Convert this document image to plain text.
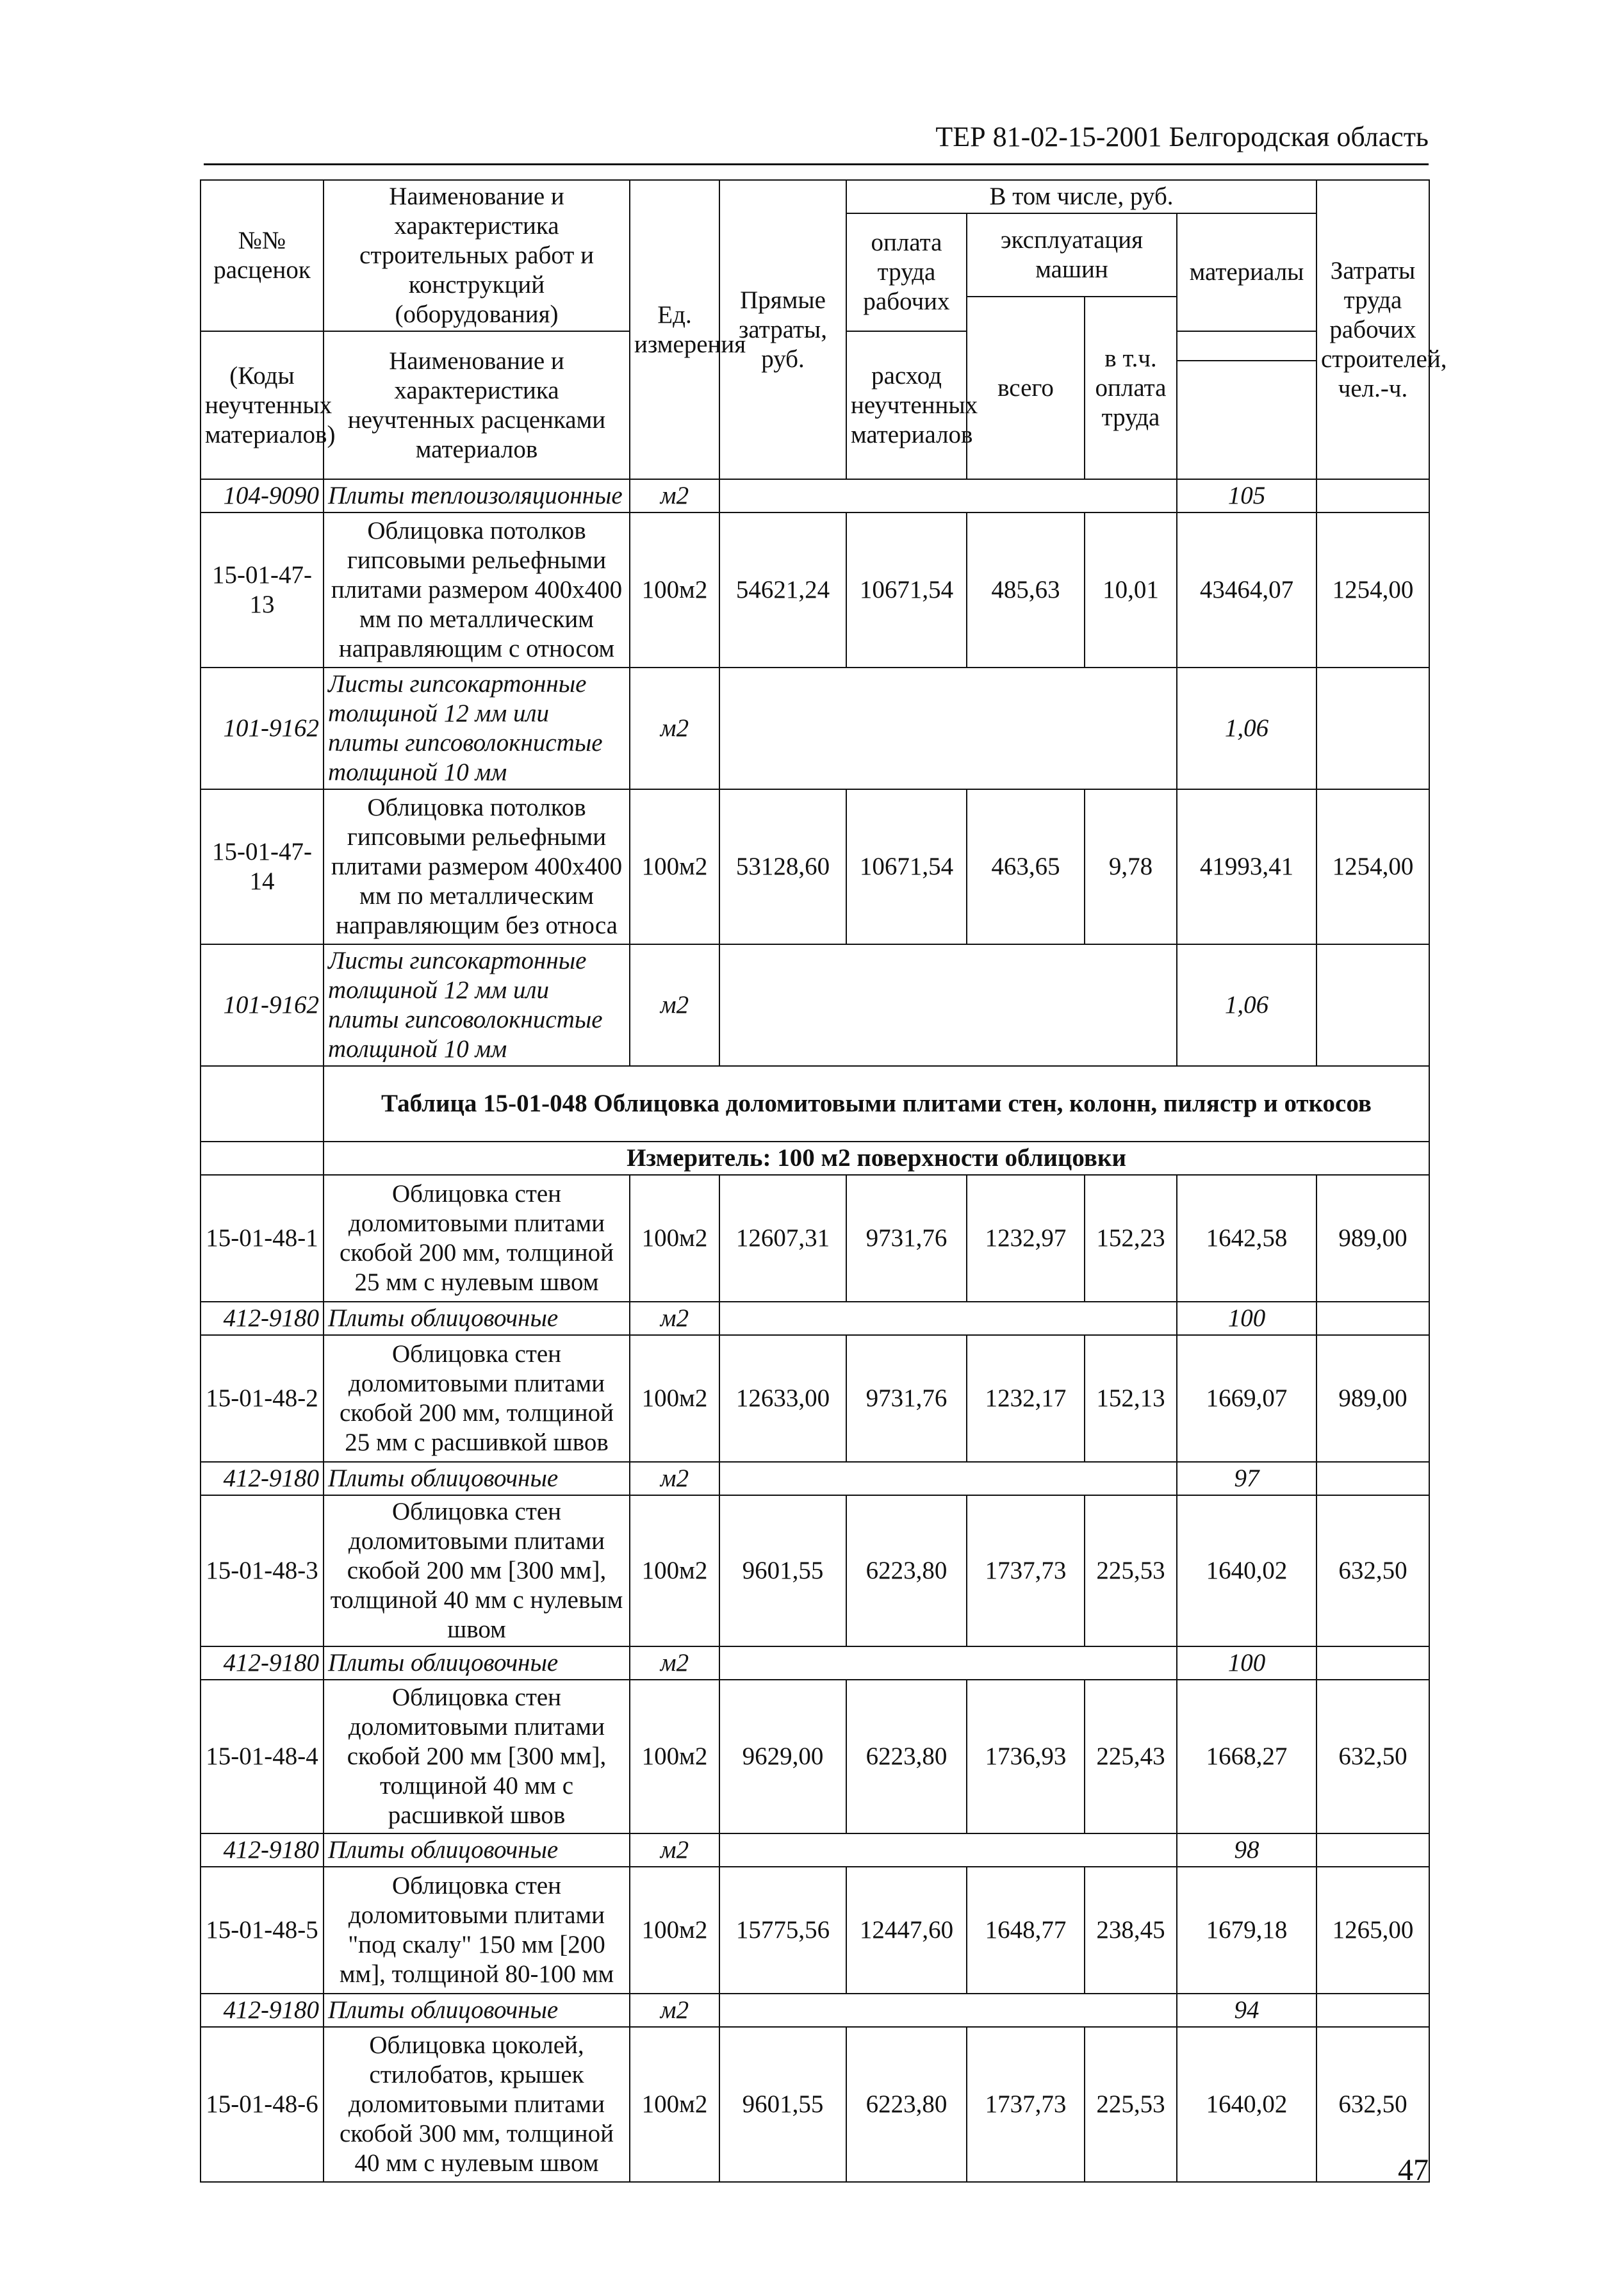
ТЕР 81-02-15-2001 Белгородская область
№№ расценок	Наименование и характеристика строительных работ и конструкций (оборудования)	Ед. измерения	Прямые затраты, руб.	В том числе, руб.				Затраты труда рабочих строителей, чел.-ч.
				оплата труда рабочих	эксплуатация машин		материалы	
					всего	в т.ч. оплата труда		
(Коды неучтенных материалов)	Наименование и характеристика неучтенных расценками материалов			расход неучтенных материалов				

104-9090	Плиты теплоизоляционные	м2					105	
15-01-47-13	Облицовка потолков гипсовыми рельефными плитами размером 400х400 мм по металлическим направляющим с относом	100м2	54621,24	10671,54	485,63	10,01	43464,07	1254,00
101-9162	Листы гипсокартонные толщиной 12 мм или плиты гипсоволокнистые толщиной 10 мм	м2					1,06	
15-01-47-14	Облицовка потолков гипсовыми рельефными плитами размером 400х400 мм по металлическим направляющим без относа	100м2	53128,60	10671,54	463,65	9,78	41993,41	1254,00
101-9162	Листы гипсокартонные толщиной 12 мм или плиты гипсоволокнистые толщиной 10 мм	м2					1,06	
	Таблица 15-01-048 Облицовка доломитовыми плитами стен, колонн, пилястр и откосов							
	Измеритель: 100 м2 поверхности облицовки							
15-01-48-1	Облицовка стен доломитовыми плитами скобой 200 мм, толщиной 25 мм с нулевым швом	100м2	12607,31	9731,76	1232,97	152,23	1642,58	989,00
412-9180	Плиты облицовочные	м2					100	
15-01-48-2	Облицовка стен доломитовыми плитами скобой 200 мм, толщиной 25 мм с расшивкой швов	100м2	12633,00	9731,76	1232,17	152,13	1669,07	989,00
412-9180	Плиты облицовочные	м2					97	
15-01-48-3	Облицовка стен доломитовыми плитами скобой 200 мм [300 мм], толщиной 40 мм с нулевым швом	100м2	9601,55	6223,80	1737,73	225,53	1640,02	632,50
412-9180	Плиты облицовочные	м2					100	
15-01-48-4	Облицовка стен доломитовыми плитами скобой 200 мм [300 мм], толщиной 40 мм с расшивкой швов	100м2	9629,00	6223,80	1736,93	225,43	1668,27	632,50
412-9180	Плиты облицовочные	м2					98	
15-01-48-5	Облицовка стен доломитовыми плитами "под скалу" 150 мм [200 мм], толщиной 80-100 мм	100м2	15775,56	12447,60	1648,77	238,45	1679,18	1265,00
412-9180	Плиты облицовочные	м2					94	
15-01-48-6	Облицовка цоколей, стилобатов, крышек доломитовыми плитами скобой 300 мм, толщиной 40 мм с нулевым швом	100м2	9601,55	6223,80	1737,73	225,53	1640,02	632,50
47
